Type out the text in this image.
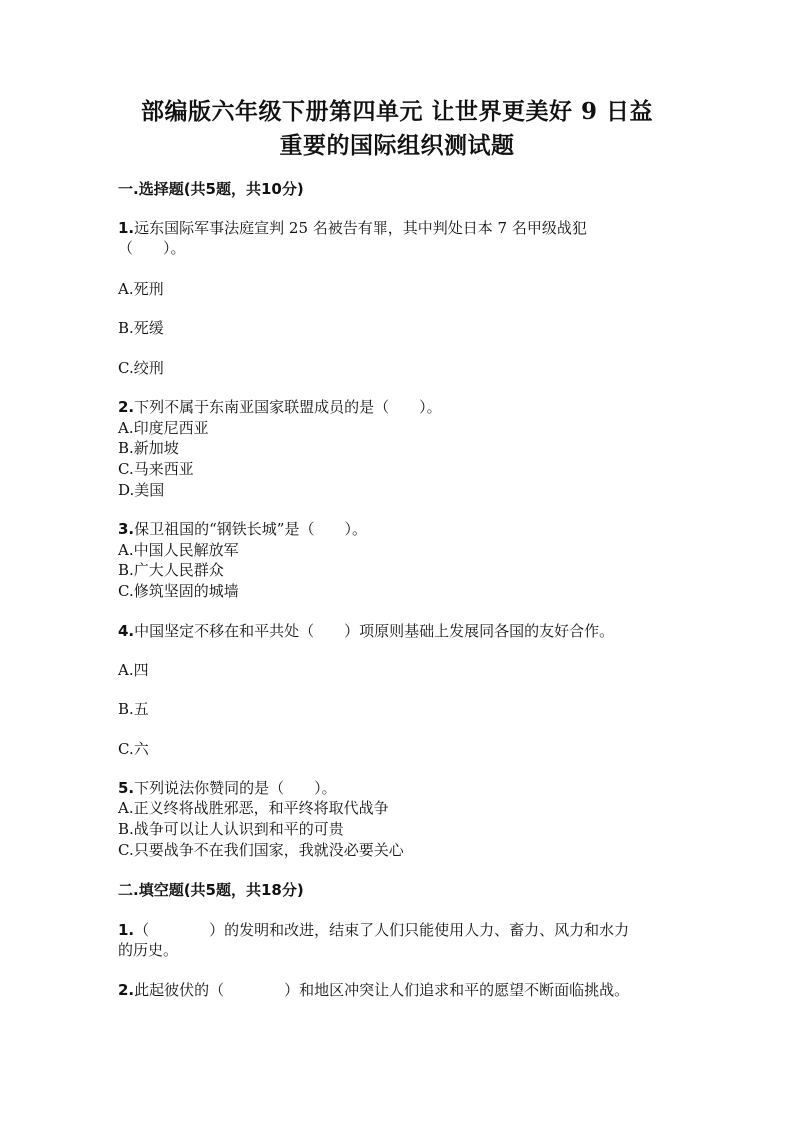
部编版六年级下册第四单元 让世界更美好 9 日益
重要的国际组织测试题
一.选择题(共5题，共10分)
1.远东国际军事法庭宣判 25 名被告有罪，其中判处日本 7 名甲级战犯
（　　）。
A.死刑
B.死缓
C.绞刑
2.下列不属于东南亚国家联盟成员的是（　　）。
A.印度尼西亚
B.新加坡
C.马来西亚
D.美国
3.保卫祖国的“钢铁长城”是（　　）。
A.中国人民解放军
B.广大人民群众
C.修筑坚固的城墙
4.中国坚定不移在和平共处（　　）项原则基础上发展同各国的友好合作。
A.四
B.五
C.六
5.下列说法你赞同的是（　　）。
A.正义终将战胜邪恶，和平终将取代战争
B.战争可以让人认识到和平的可贵
C.只要战争不在我们国家，我就没必要关心
二.填空题(共5题，共18分)
1.（　　　　）的发明和改进，结束了人们只能使用人力、畜力、风力和水力
的历史。
2.此起彼伏的（　　　　）和地区冲突让人们追求和平的愿望不断面临挑战。
